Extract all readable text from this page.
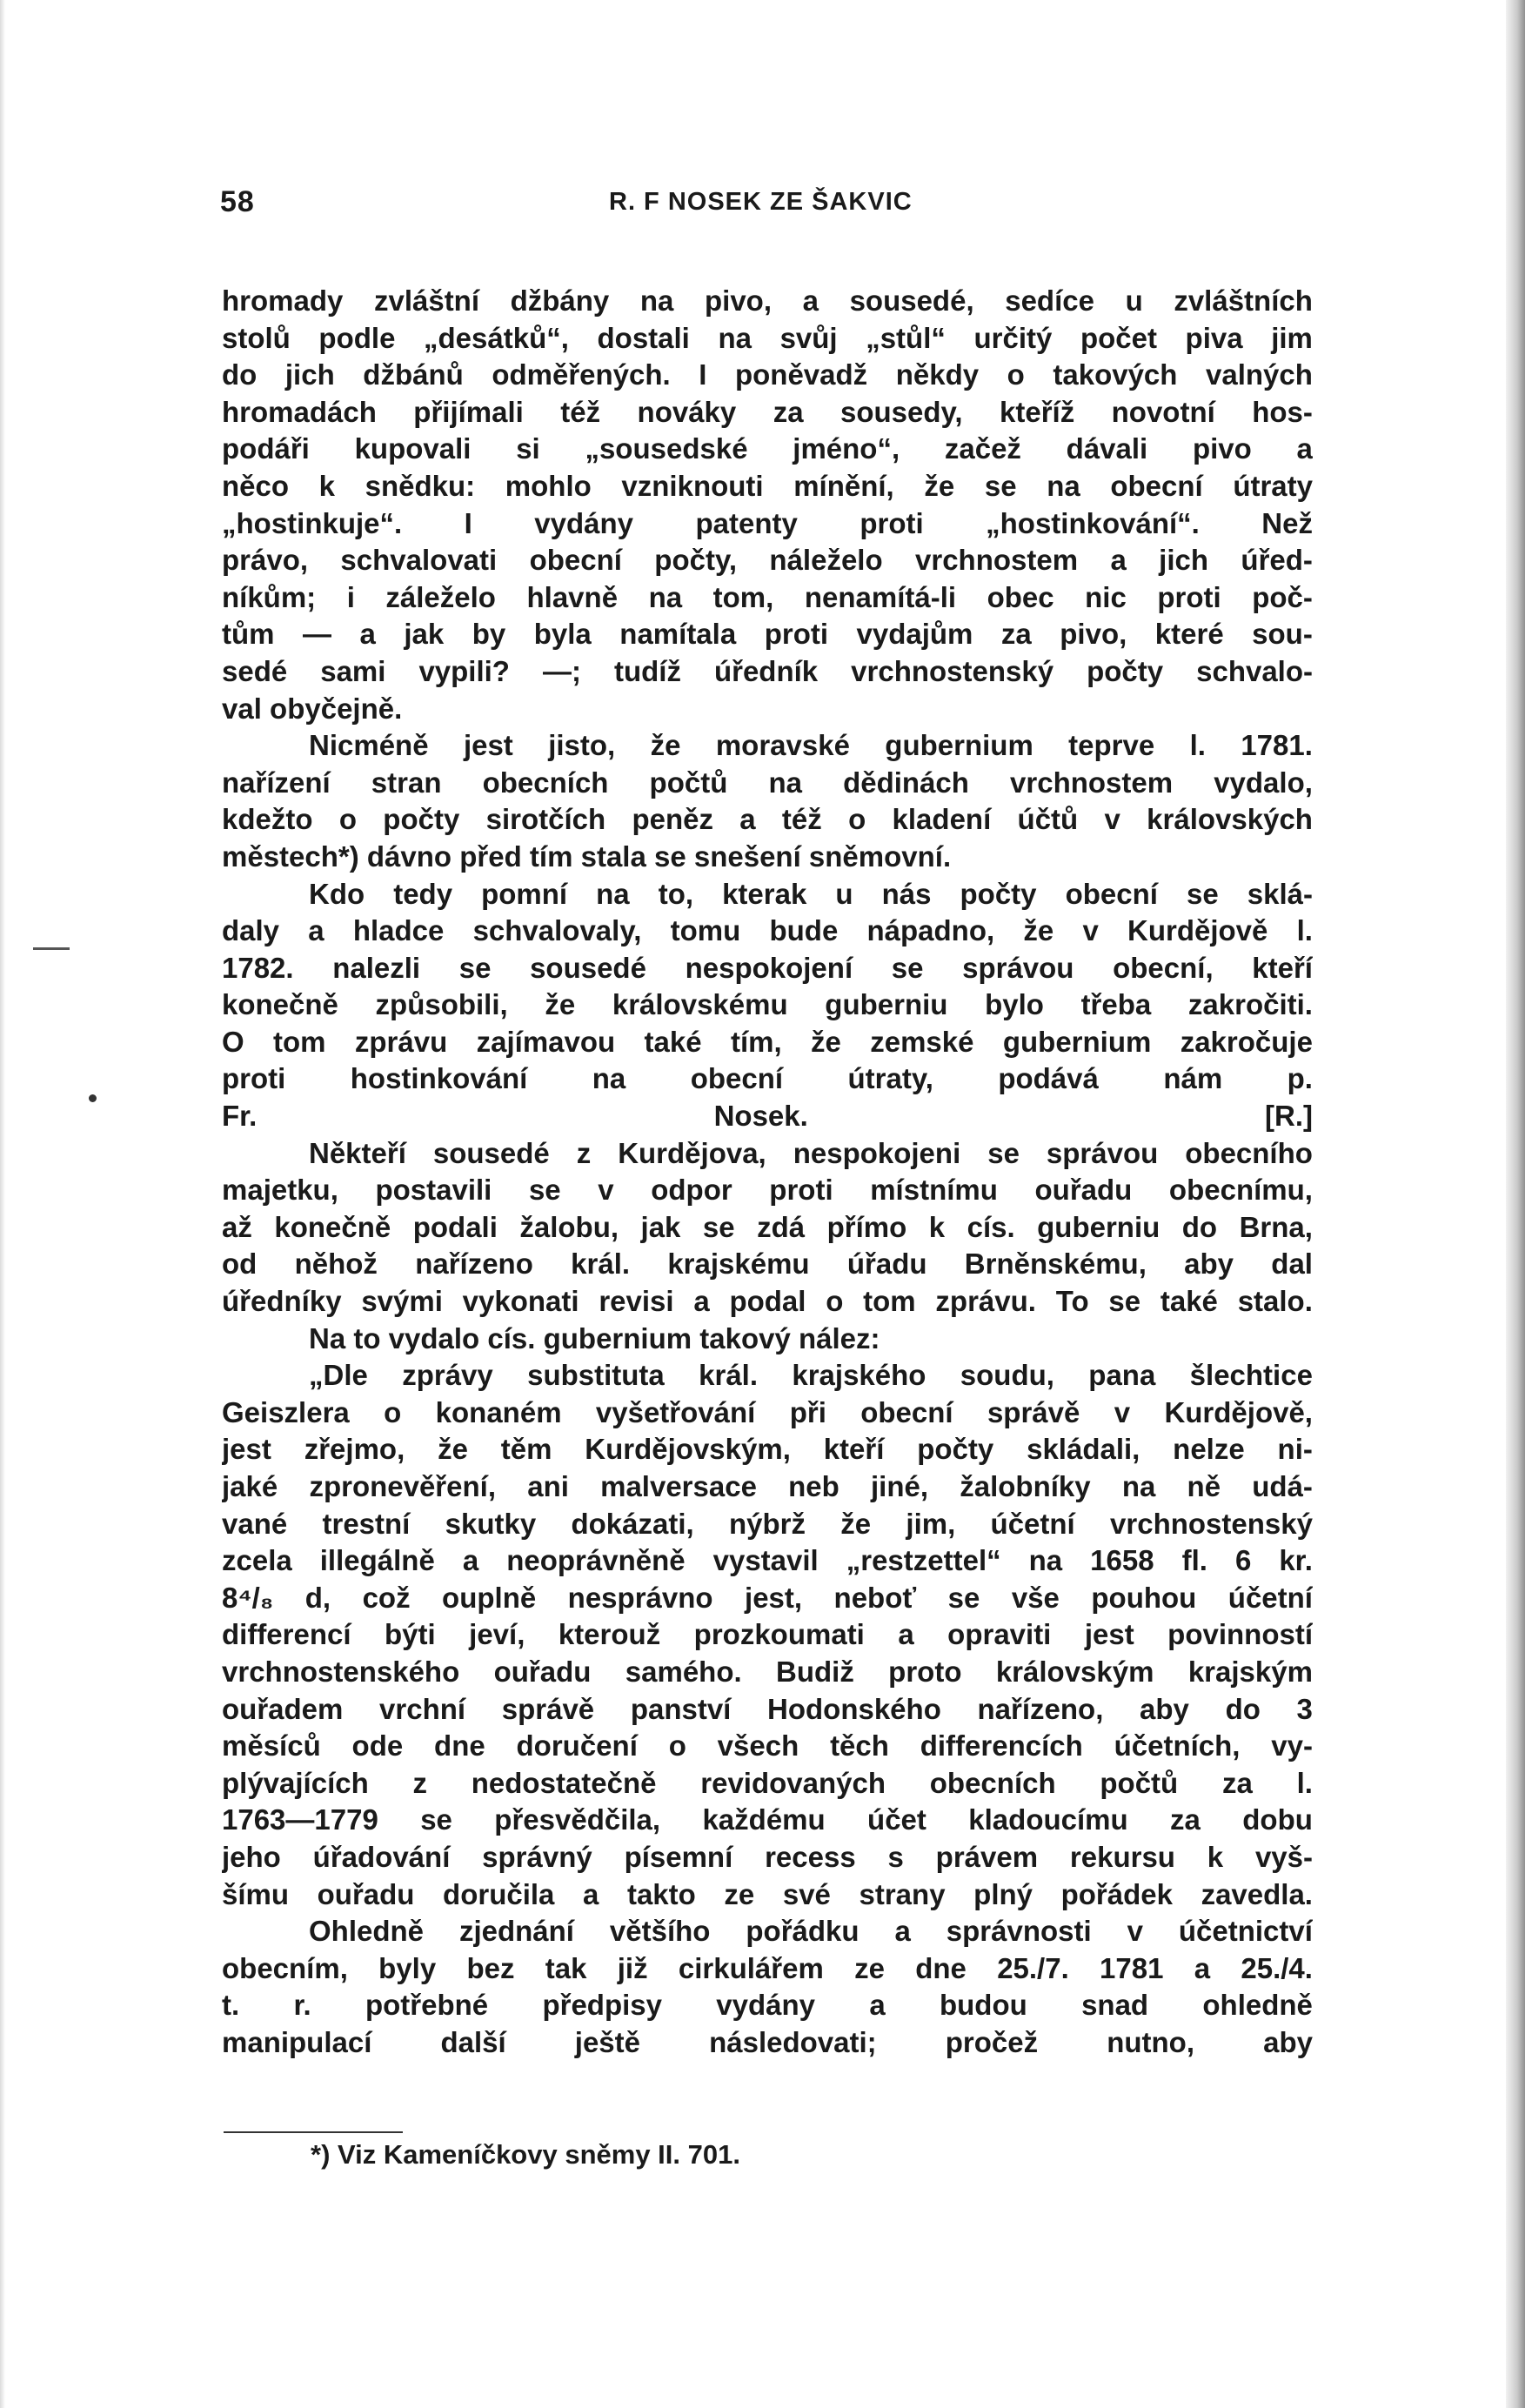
58	R. F NOSEK ZE ŠAKVIC
hromady zvláštní džbány na pivo, a sousedé, sedíce u zvláštních
stolů podle „desátků“, dostali na svůj „stůl“ určitý počet piva jim
do jich džbánů odměřených. I poněvadž někdy o takových valných
hromadách přijímali též nováky za sousedy, kteříž novotní hos-
podáři kupovali si „sousedské jméno“, začež dávali pivo a
něco k snědku: mohlo vzniknouti mínění, že se na obecní útraty
„hostinkuje“. I vydány patenty proti „hostinkování“. Než
právo, schvalovati obecní počty, náleželo vrchnostem a jich úřed-
níkům; i záleželo hlavně na tom, nenamítá-li obec nic proti poč-
tům — a jak by byla namítala proti vydajům za pivo, které sou-
sedé sami vypili? —; tudíž úředník vrchnostenský počty schvalo-
val obyčejně.
Nicméně jest jisto, že moravské gubernium teprve l. 1781.
nařízení stran obecních počtů na dědinách vrchnostem vydalo,
kdežto o počty sirotčích peněz a též o kladení účtů v královských
městech*) dávno před tím stala se snešení sněmovní.
Kdo tedy pomní na to, kterak u nás počty obecní se sklá-
daly a hladce schvalovaly, tomu bude nápadno, že v Kurdějově l.
1782. nalezli se sousedé nespokojení se správou obecní, kteří
konečně způsobili, že královskému guberniu bylo třeba zakročiti.
O tom zprávu zajímavou také tím, že zemské gubernium zakročuje
proti hostinkování na obecní útraty, podává nám p.
Fr.	Nosek.	[R.]
Někteří sousedé z Kurdějova, nespokojeni se správou obecního
majetku, postavili se v odpor proti místnímu ouřadu obecnímu,
až konečně podali žalobu, jak se zdá přímo k cís. guberniu do Brna,
od něhož nařízeno král. krajskému úřadu Brněnskému, aby dal
úředníky svými vykonati revisi a podal o tom zprávu. To se také stalo.
Na to vydalo cís. gubernium takový nález:
„Dle zprávy substituta král. krajského soudu, pana šlechtice
Geiszlera o konaném vyšetřování při obecní správě v Kurdějově,
jest zřejmo, že těm Kurdějovským, kteří počty skládali, nelze ni-
jaké zpronevěření, ani malversace neb jiné, žalobníky na ně udá-
vané trestní skutky dokázati, nýbrž že jim, účetní vrchnostenský
zcela illegálně a neoprávněně vystavil „restzettel“ na 1658 fl. 6 kr.
8⁴/₈ d, což ouplně nesprávno jest, neboť se vše pouhou účetní
differencí býti jeví, kterouž prozkoumati a opraviti jest povinností
vrchnostenského ouřadu samého. Budiž proto královským krajským
ouřadem vrchní správě panství Hodonského nařízeno, aby do 3
měsíců ode dne doručení o všech těch differencích účetních, vy-
plývajících z nedostatečně revidovaných obecních počtů za l.
1763—1779 se přesvědčila, každému účet kladoucímu za dobu
jeho úřadování správný písemní recess s právem rekursu k vyš-
šímu ouřadu doručila a takto ze své strany plný pořádek zavedla.
Ohledně zjednání většího pořádku a správnosti v účetnictví
obecním, byly bez tak již cirkulářem ze dne 25./7. 1781 a 25./4.
t. r. potřebné předpisy vydány a budou snad ohledně
manipulací další ještě následovati; pročež nutno, aby
*) Viz Kameníčkovy sněmy II. 701.
